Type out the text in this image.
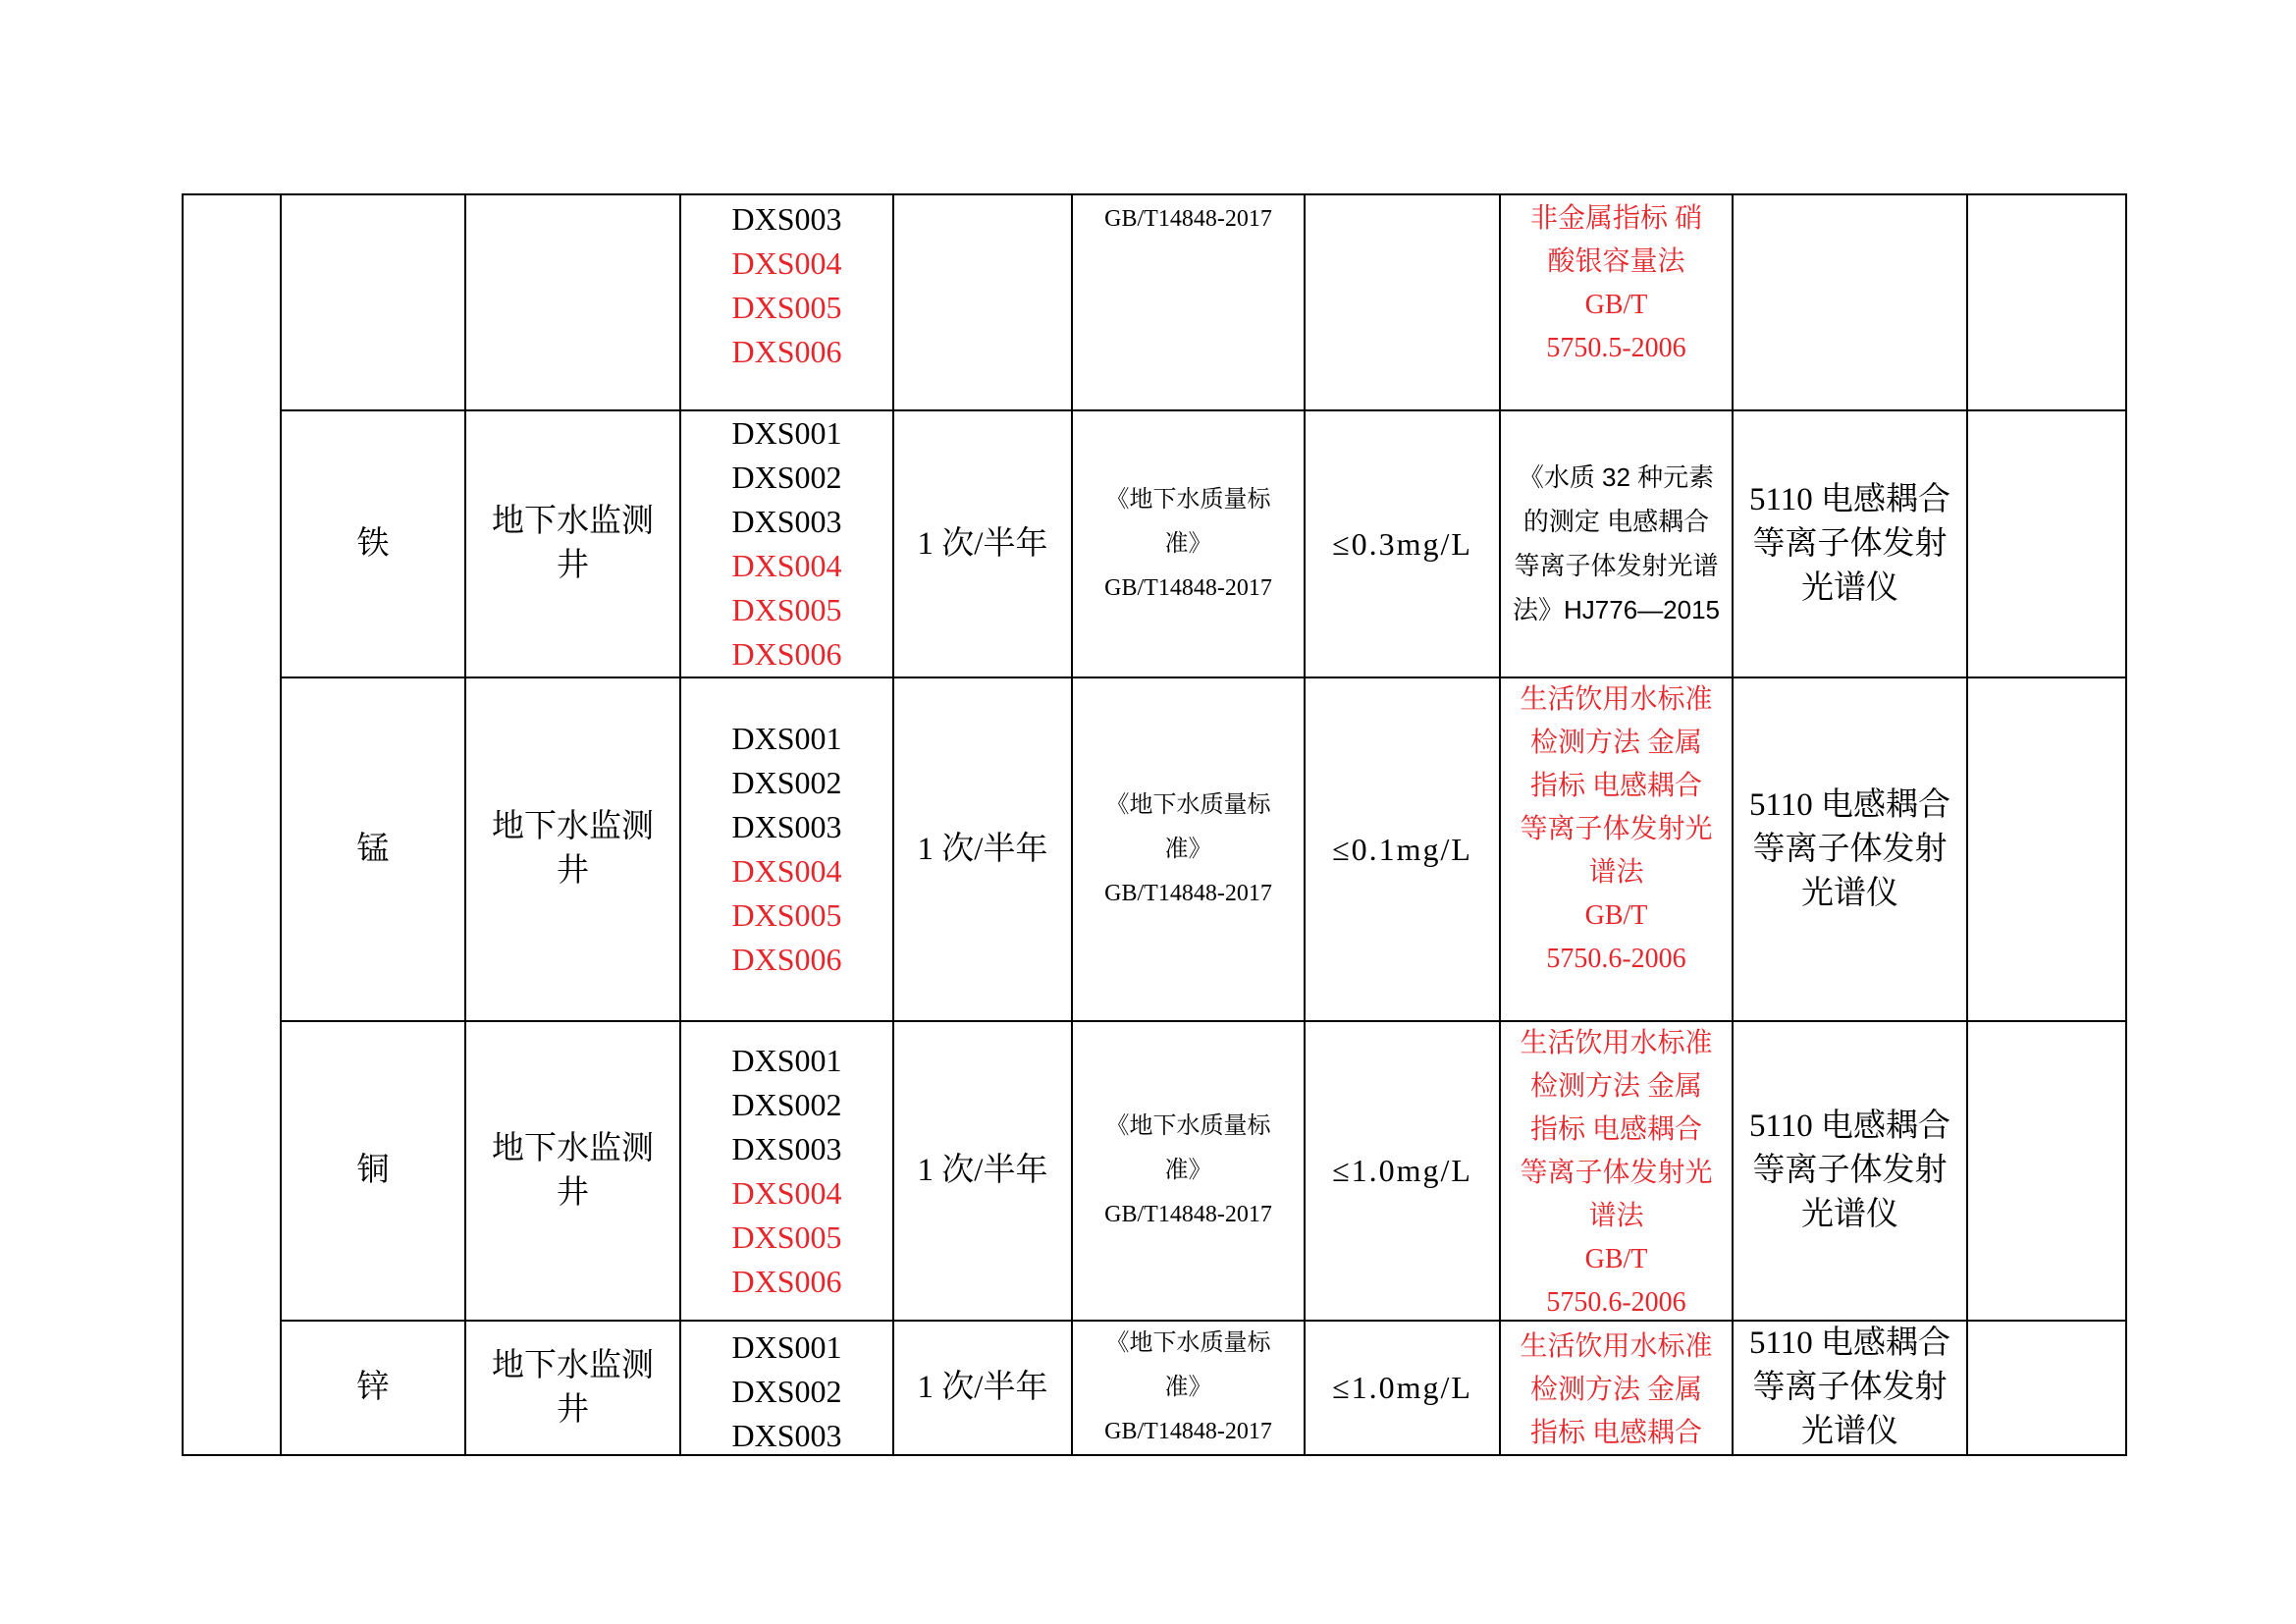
DXS003
DXS004
DXS005
DXS006
GB/T14848-2017	非金属指标 硝
酸银容量法
GB/T
5750.5-2006
铁
地下水监测
井
DXS001
DXS002
DXS003
DXS004
DXS005
DXS006
1 次/半年
《地下水质量标
准》
GB/T14848-2017
≤0.3mg/L
《水质 32 种元素
的测定 电感耦合
等离子体发射光谱
法》HJ776—2015
5110 电感耦合
等离子体发射
光谱仪
锰
地下水监测
井
DXS001
DXS002
DXS003
DXS004
DXS005
DXS006
1 次/半年
《地下水质量标
准》
GB/T14848-2017
≤0.1mg/L
生活饮用水标准
检测方法 金属
指标 电感耦合
等离子体发射光
谱法
GB/T
5750.6-2006
5110 电感耦合
等离子体发射
光谱仪
铜
地下水监测
井
DXS001
DXS002
DXS003
DXS004
DXS005
DXS006
1 次/半年
《地下水质量标
准》
GB/T14848-2017
≤1.0mg/L
生活饮用水标准
检测方法 金属
指标 电感耦合
等离子体发射光
谱法
GB/T
5750.6-2006
5110 电感耦合
等离子体发射
光谱仪
锌
地下水监测
井
DXS001
DXS002
DXS003
1 次/半年
《地下水质量标
准》
GB/T14848-2017
≤1.0mg/L
生活饮用水标准
检测方法 金属
指标 电感耦合
5110 电感耦合
等离子体发射
光谱仪
